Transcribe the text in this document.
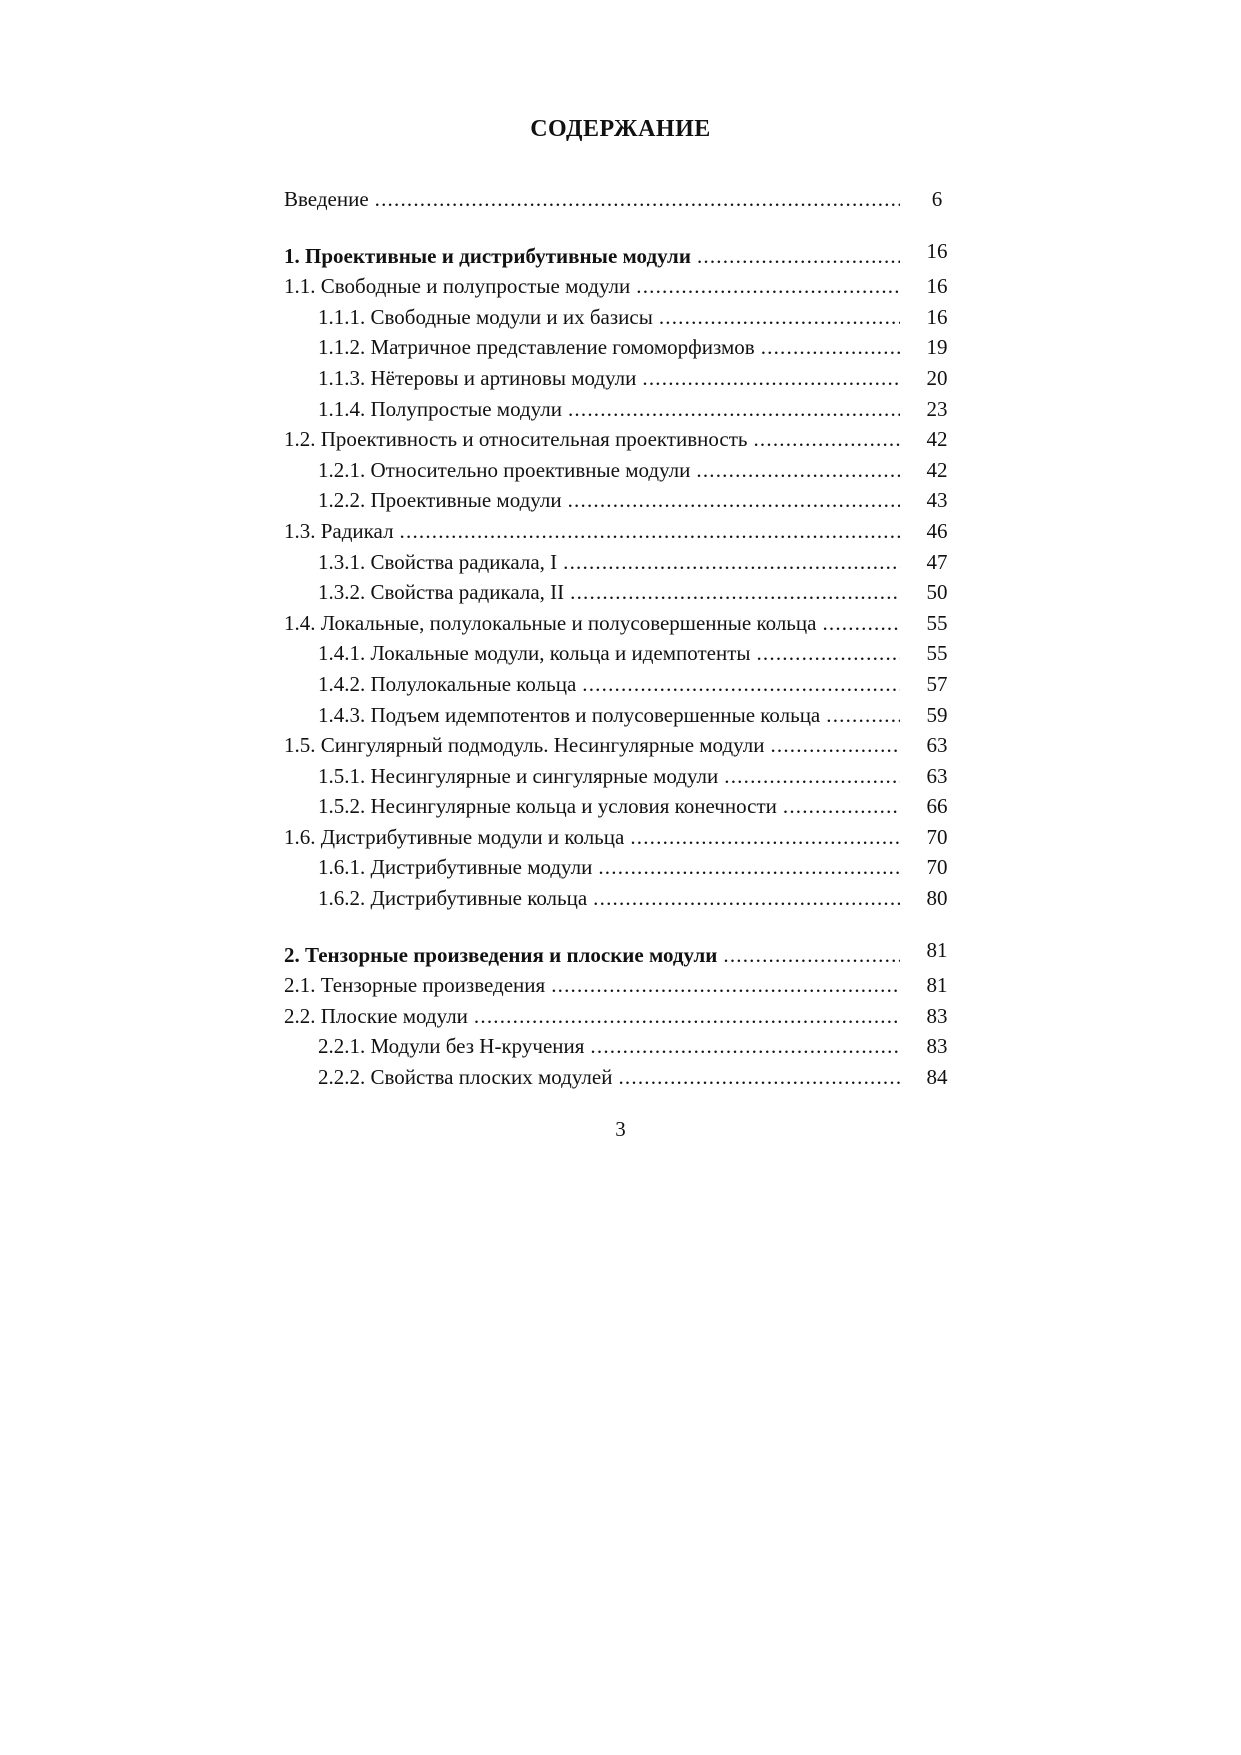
СОДЕРЖАНИЕ
Введение .....	6
1. Проективные и дистрибутивные модули .....	16
1.1. Свободные и полупростые модули .....	16
1.1.1. Свободные модули и их базисы .....	16
1.1.2. Матричное представление гомоморфизмов .....	19
1.1.3. Нётеровы и артиновы модули .....	20
1.1.4. Полупростые модули .....	23
1.2. Проективность и относительная проективность .....	42
1.2.1. Относительно проективные модули .....	42
1.2.2. Проективные модули .....	43
1.3. Радикал .....	46
1.3.1. Свойства радикала, I .....	47
1.3.2. Свойства радикала, II .....	50
1.4. Локальные, полулокальные и полусовершенные кольца .....	55
1.4.1. Локальные модули, кольца и идемпотенты .....	55
1.4.2. Полулокальные кольца .....	57
1.4.3. Подъем идемпотентов и полусовершенные кольца .....	59
1.5. Сингулярный подмодуль. Несингулярные модули .....	63
1.5.1. Несингулярные и сингулярные модули .....	63
1.5.2. Несингулярные кольца и условия конечности .....	66
1.6. Дистрибутивные модули и кольца .....	70
1.6.1. Дистрибутивные модули .....	70
1.6.2. Дистрибутивные кольца .....	80
2. Тензорные произведения и плоские модули .....	81
2.1. Тензорные произведения .....	81
2.2. Плоские модули .....	83
2.2.1. Модули без H-кручения .....	83
2.2.2. Свойства плоских модулей .....	84
3
